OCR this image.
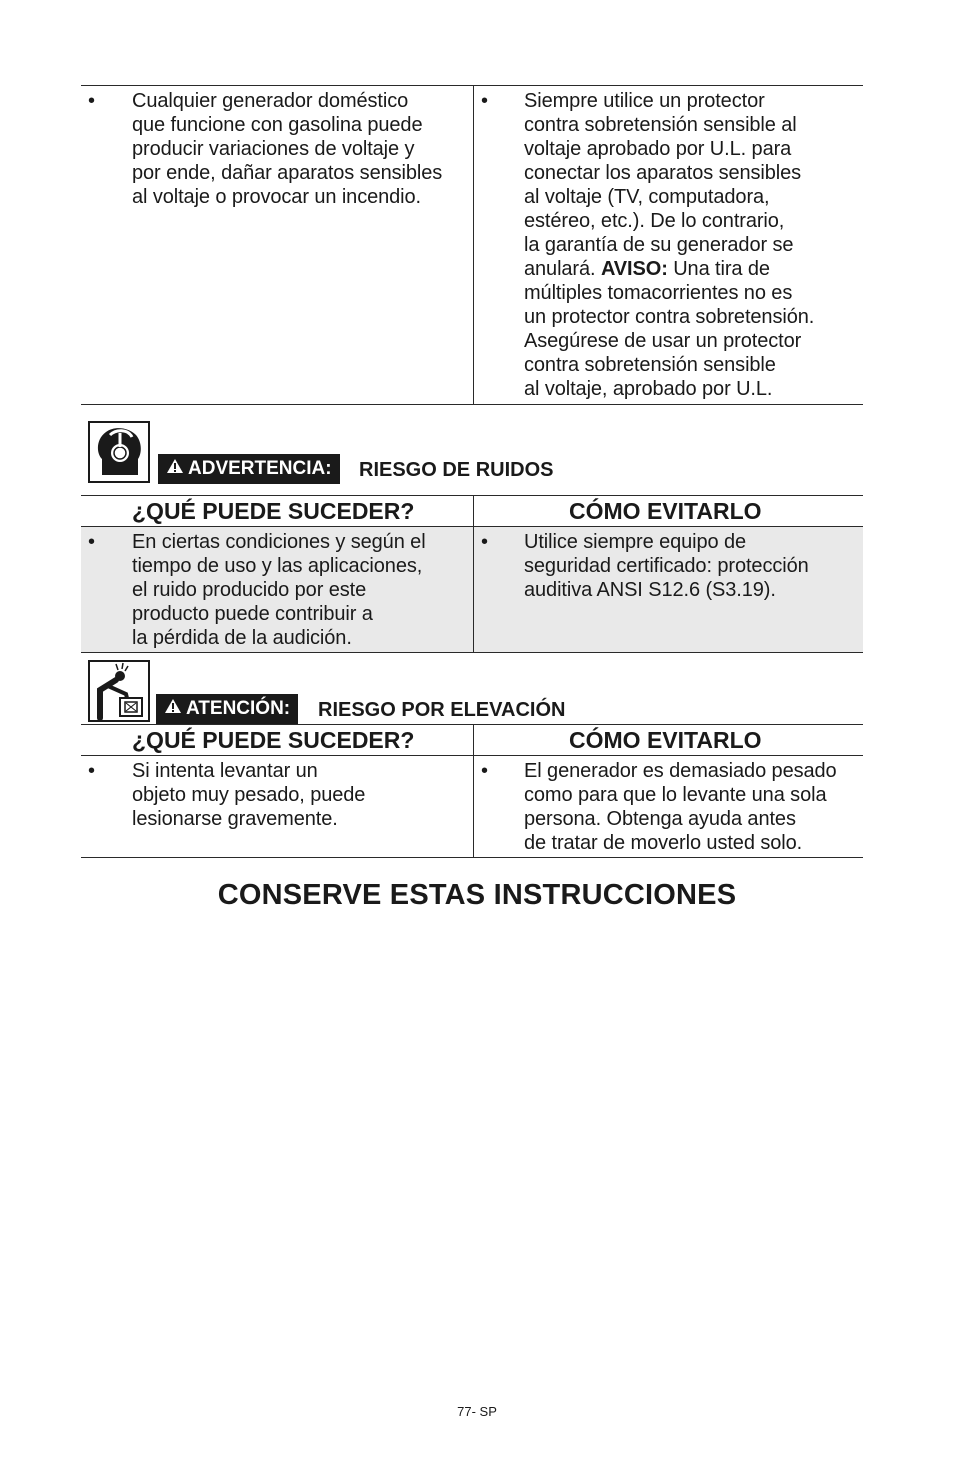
• Cualquier generador doméstico
que funcione con gasolina puede
producir variaciones de voltaje y
por ende, dañar aparatos sensibles
al voltaje o provocar un incendio.
• Siempre utilice un protector
contra sobretensión sensible al
voltaje aprobado por U.L. para
conectar los aparatos sensibles
al voltaje (TV, computadora,
estéreo, etc.). De lo contrario,
la garantía de su generador se
anulará. AVISO: Una tira de
múltiples tomacorrientes no es
un protector contra sobretensión.
Asegúrese de usar un protector
contra sobretensión sensible
al voltaje, aprobado por U.L.
ADVERTENCIA: RIESGO DE RUIDOS
¿QUÉ PUEDE SUCEDER?	CÓMO EVITARLO
• En ciertas condiciones y según el
tiempo de uso y las aplicaciones,
el ruido producido por este
producto puede contribuir a
la pérdida de la audición.
• Utilice siempre equipo de
seguridad certificado: protección
auditiva ANSI S12.6 (S3.19).
ATENCIÓN: RIESGO POR ELEVACIÓN
¿QUÉ PUEDE SUCEDER?	CÓMO EVITARLO
• Si intenta levantar un
objeto muy pesado, puede
lesionarse gravemente.
• El generador es demasiado pesado
como para que lo levante una sola
persona. Obtenga ayuda antes
de tratar de moverlo usted solo.
CONSERVE ESTAS INSTRUCCIONES
77- SP
